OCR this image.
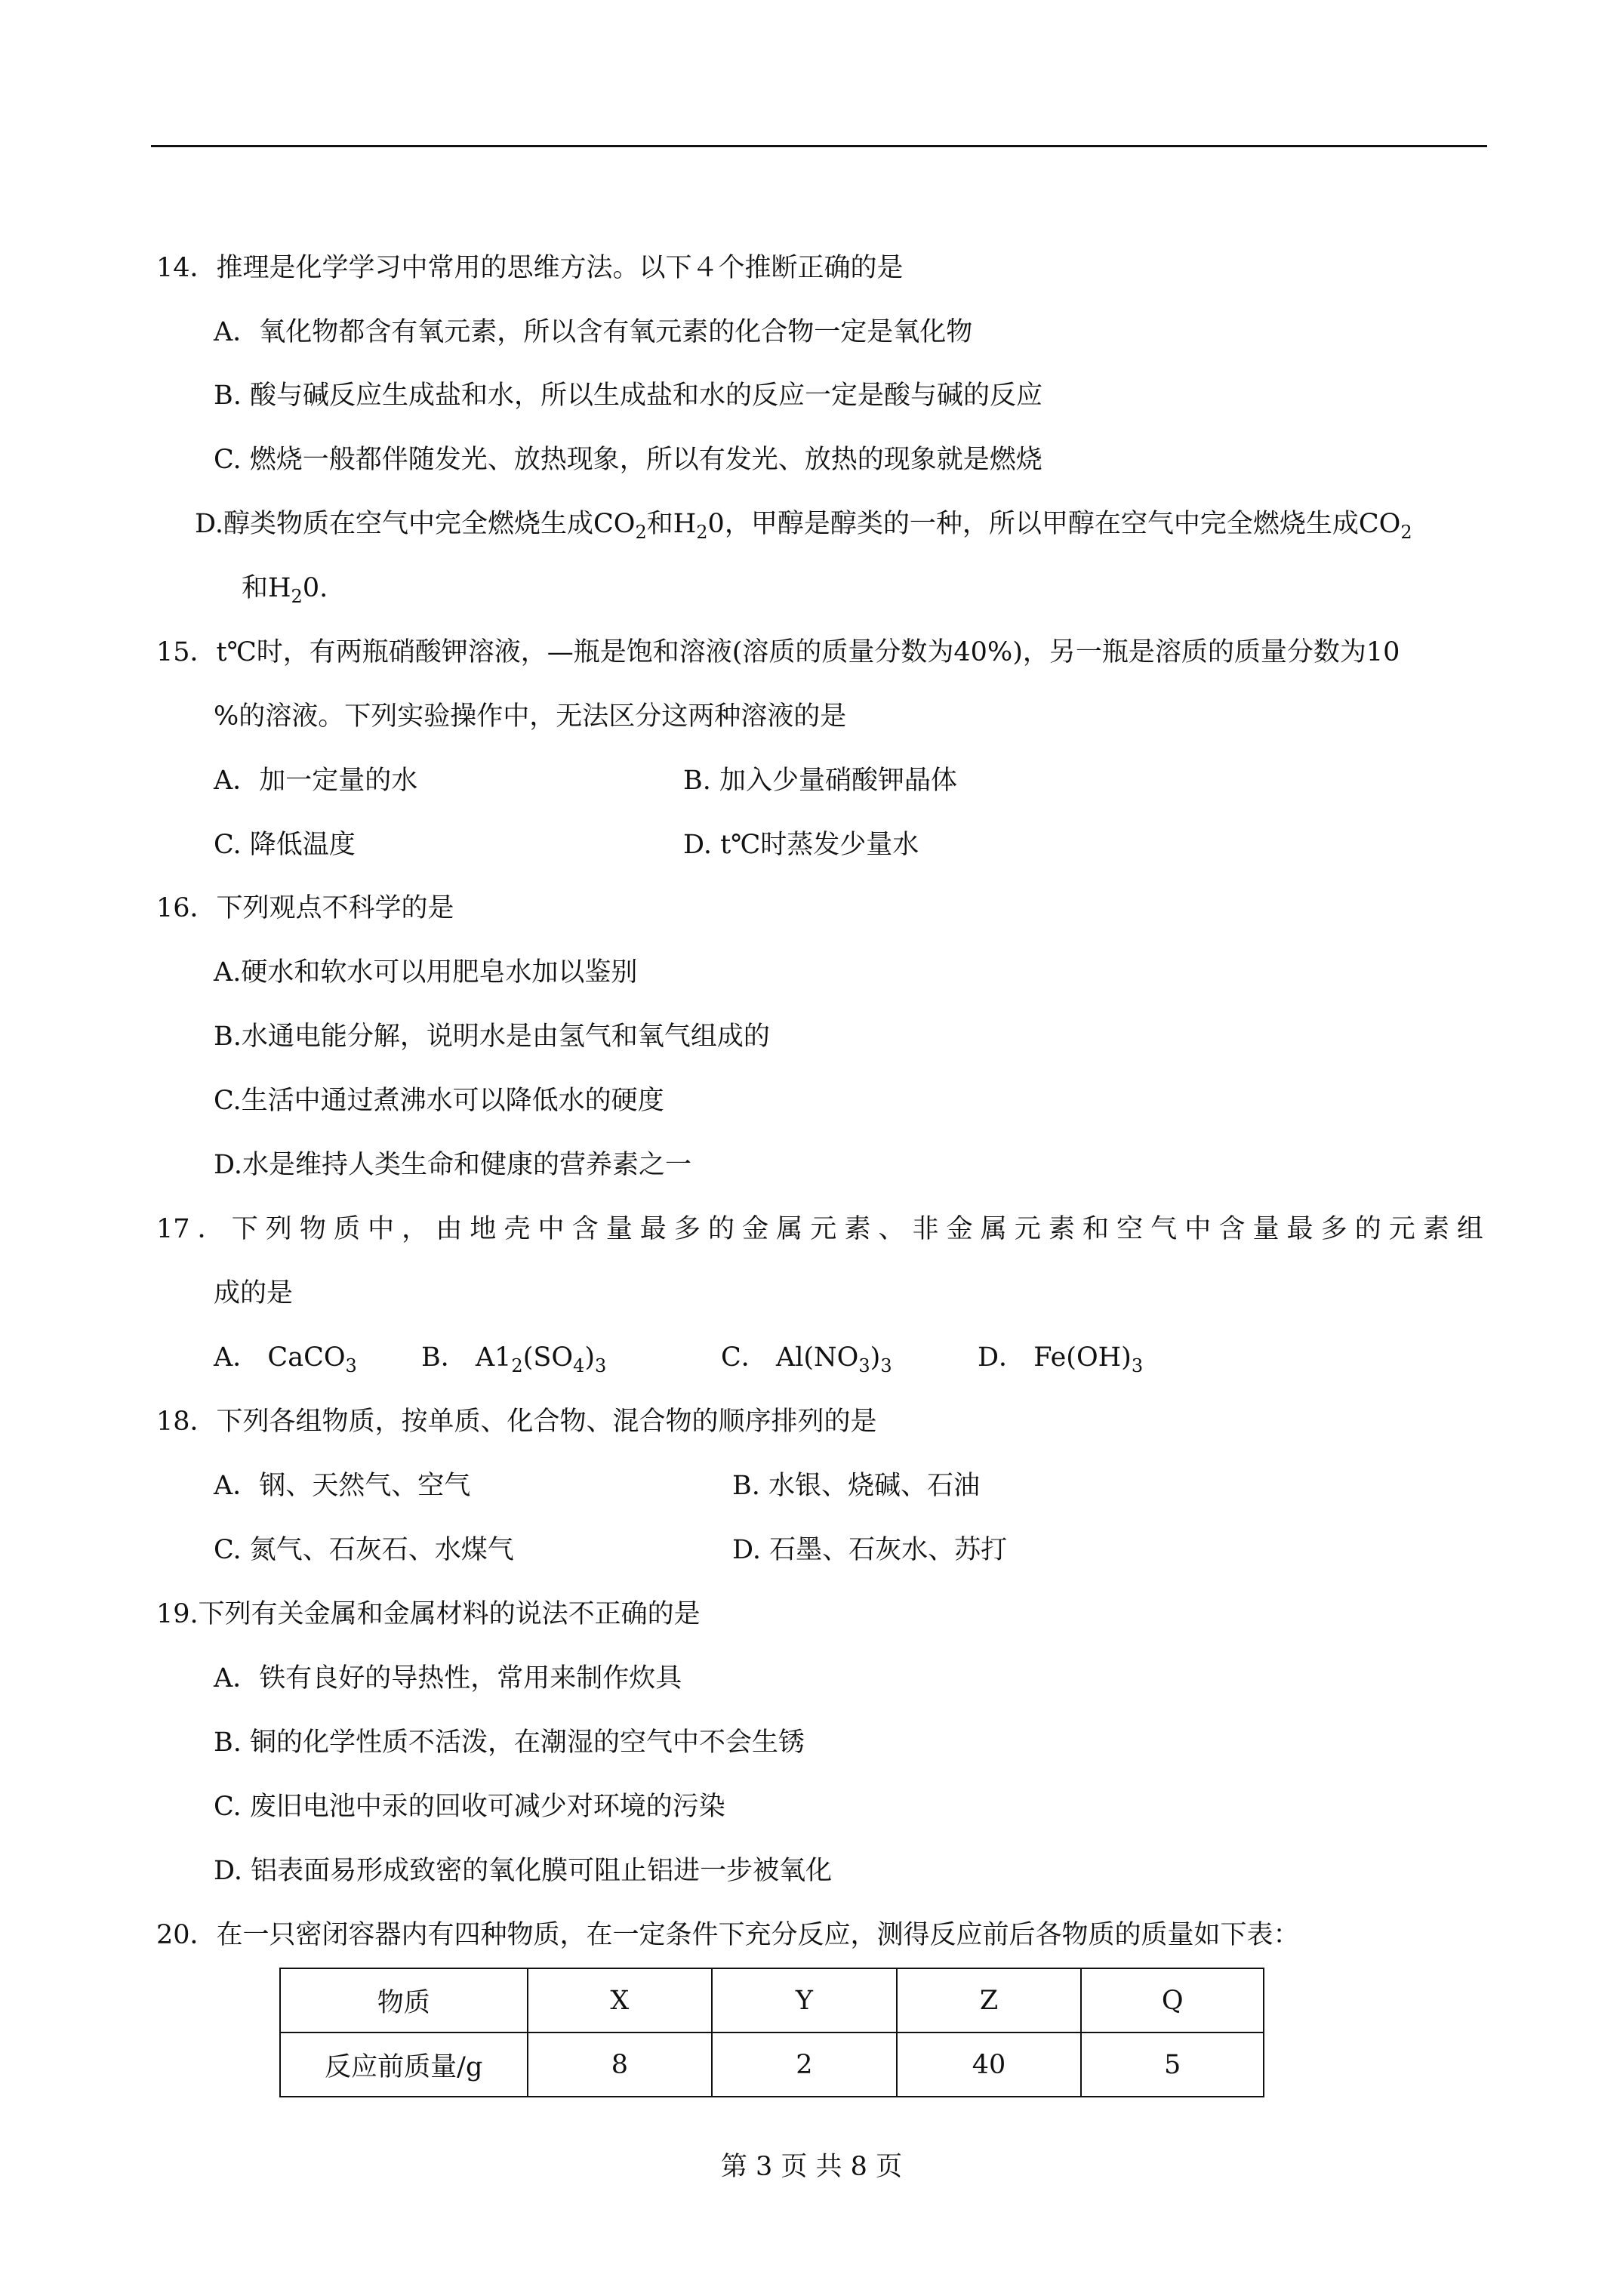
14．推理是化学学习中常用的思维方法。以下４个推断正确的是
A．氧化物都含有氧元素，所以含有氧元素的化合物一定是氧化物
B. 酸与碱反应生成盐和水，所以生成盐和水的反应一定是酸与碱的反应
C. 燃烧一般都伴随发光、放热现象，所以有发光、放热的现象就是燃烧
D.醇类物质在空气中完全燃烧生成$CO_2$和$H_20$，甲醇是醇类的一种，所以甲醇在空气中完全燃烧生成$CO_2$
和$H_20$.
15．t℃时，有两瓶硝酸钾溶液，—瓶是饱和溶液(溶质的质量分数为40%)，另一瓶是溶质的质量分数为10
%的溶液。下列实验操作中，无法区分这两种溶液的是
A．加一定量的水	B. 加入少量硝酸钾晶体
C. 降低温度	D. t℃时蒸发少量水
16．下列观点不科学的是
A.硬水和软水可以用肥皂水加以鉴别
B.水通电能分解，说明水是由氢气和氧气组成的
C.生活中通过煮沸水可以降低水的硬度
D.水是维持人类生命和健康的营养素之一
17．下列物质中，由地壳中含量最多的金属元素、非金属元素和空气中含量最多的元素组
成的是
A． CaCO$_3$ B． $A1_2(SO_4)_3$	C． $Al(NO_3)_3$	D． $Fe(OH)_3$
18．下列各组物质，按单质、化合物、混合物的顺序排列的是
A．钢、天然气、空气	B. 水银、烧碱、石油
C. 氮气、石灰石、水煤气	D. 石墨、石灰水、苏打
19.下列有关金属和金属材料的说法不正确的是
A．铁有良好的导热性，常用来制作炊具
B. 铜的化学性质不活泼，在潮湿的空气中不会生锈
C. 废旧电池中汞的回收可减少对环境的污染
D. 铝表面易形成致密的氧化膜可阻止铝进一步被氧化
20．在一只密闭容器内有四种物质，在一定条件下充分反应，测得反应前后各物质的质量如下表：
物质	X	Y	Z	Q
反应前质量/g	8	2	40	5
第 3 页 共 8 页
